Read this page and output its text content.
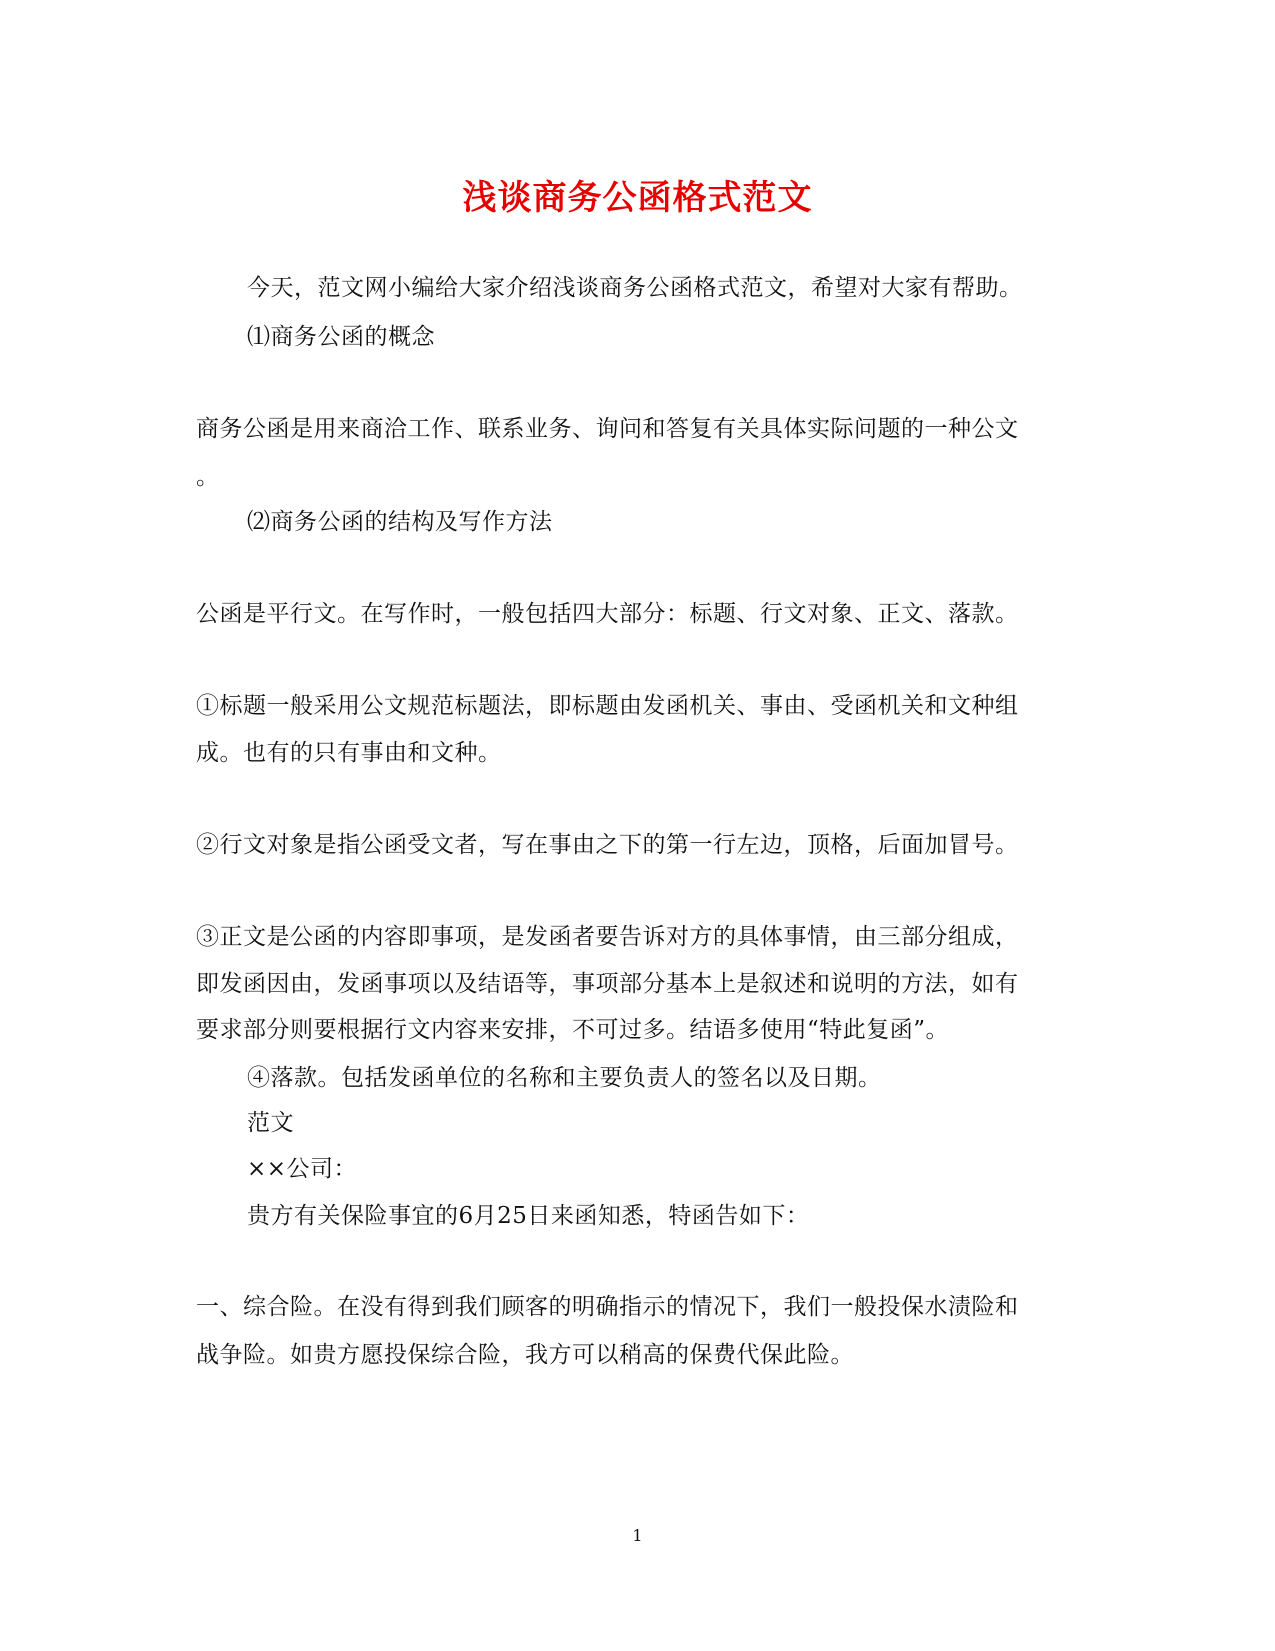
浅谈商务公函格式范文
今天，范文网小编给大家介绍浅谈商务公函格式范文，希望对大家有帮助。
⑴商务公函的概念
商务公函是用来商洽工作、联系业务、询问和答复有关具体实际问题的一种公文
。
⑵商务公函的结构及写作方法
公函是平行文。在写作时，一般包括四大部分：标题、行文对象、正文、落款。
①标题一般采用公文规范标题法，即标题由发函机关、事由、受函机关和文种组
成。也有的只有事由和文种。
②行文对象是指公函受文者，写在事由之下的第一行左边，顶格，后面加冒号。
③正文是公函的内容即事项，是发函者要告诉对方的具体事情，由三部分组成，
即发函因由，发函事项以及结语等，事项部分基本上是叙述和说明的方法，如有
要求部分则要根据行文内容来安排，不可过多。结语多使用“特此复函”。
④落款。包括发函单位的名称和主要负责人的签名以及日期。
范文
××公司：
贵方有关保险事宜的6月25日来函知悉，特函告如下：
一、综合险。在没有得到我们顾客的明确指示的情况下，我们一般投保水渍险和
战争险。如贵方愿投保综合险，我方可以稍高的保费代保此险。
1
